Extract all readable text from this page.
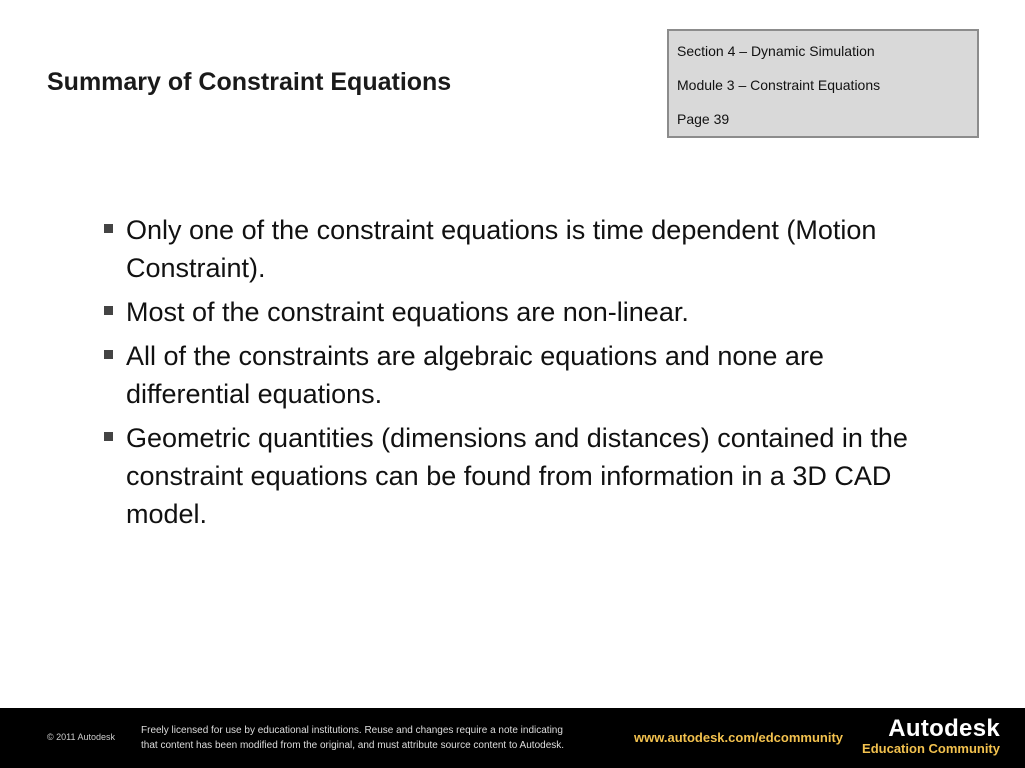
Summary of Constraint Equations
Section 4 – Dynamic Simulation
Module 3 – Constraint Equations
Page 39
Only one of the constraint equations is time dependent (Motion Constraint).
Most of the constraint equations are non-linear.
All of the constraints are algebraic equations and none are differential equations.
Geometric quantities (dimensions and distances) contained in the constraint equations can be found from information in a 3D CAD model.
© 2011 Autodesk
Freely licensed for use by educational institutions. Reuse and changes require a note indicating
that content has been modified from the original, and must attribute source content to Autodesk.
www.autodesk.com/edcommunity	Autodesk
Education Community
